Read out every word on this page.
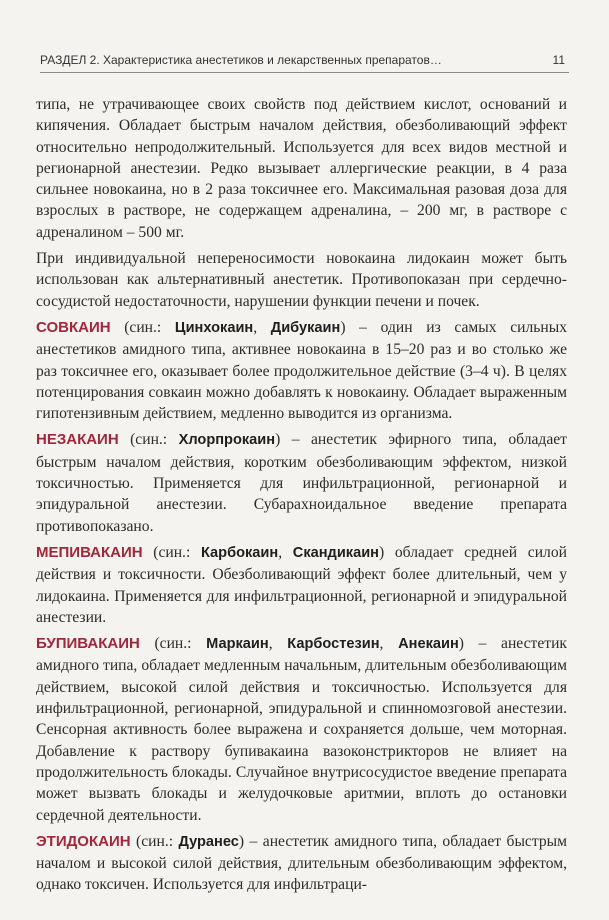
РАЗДЕЛ 2. Характеристика анестетиков и лекарственных препаратов…	11

типа, не утрачивающее своих свойств под действием кислот, оснований и кипячения. Обладает быстрым началом действия, обезболивающий эффект относительно непродолжительный. Используется для всех видов местной и регионарной анестезии. Редко вызывает аллергические реакции, в 4 раза сильнее новокаина, но в 2 раза токсичнее его. Максимальная разовая доза для взрослых в растворе, не содержащем адреналина, – 200 мг, в растворе с адреналином – 500 мг.

При индивидуальной непереносимости новокаина лидокаин может быть использован как альтернативный анестетик. Противопоказан при сердечно-сосудистой недостаточности, нарушении функции печени и почек.

СОВКАИН (син.: Цинхокаин, Дибукаин) – один из самых сильных анестетиков амидного типа, активнее новокаина в 15–20 раз и во столько же раз токсичнее его, оказывает более продолжительное действие (3–4 ч). В целях потенцирования совкаин можно добавлять к новокаину. Обладает выраженным гипотензивным действием, медленно выводится из организма.

НЕЗАКАИН (син.: Хлорпрокаин) – анестетик эфирного типа, обладает быстрым началом действия, коротким обезболивающим эффектом, низкой токсичностью. Применяется для инфильтрационной, регионарной и эпидуральной анестезии. Субарахноидальное введение препарата противопоказано.

МЕПИВАКАИН (син.: Карбокаин, Скандикаин) обладает средней силой действия и токсичности. Обезболивающий эффект более длительный, чем у лидокаина. Применяется для инфильтрационной, регионарной и эпидуральной анестезии.

БУПИВАКАИН (син.: Маркаин, Карбостезин, Анекаин) – анестетик амидного типа, обладает медленным начальным, длительным обезболивающим действием, высокой силой действия и токсичностью. Используется для инфильтрационной, регионарной, эпидуральной и спинномозговой анестезии. Сенсорная активность более выражена и сохраняется дольше, чем моторная. Добавление к раствору бупивакаина вазоконстрикторов не влияет на продолжительность блокады. Случайное внутрисосудистое введение препарата может вызвать блокады и желудочковые аритмии, вплоть до остановки сердечной деятельности.

ЭТИДОКАИН (син.: Дуранес) – анестетик амидного типа, обладает быстрым началом и высокой силой действия, длительным обезболивающим эффектом, однако токсичен. Используется для инфильтраци-
